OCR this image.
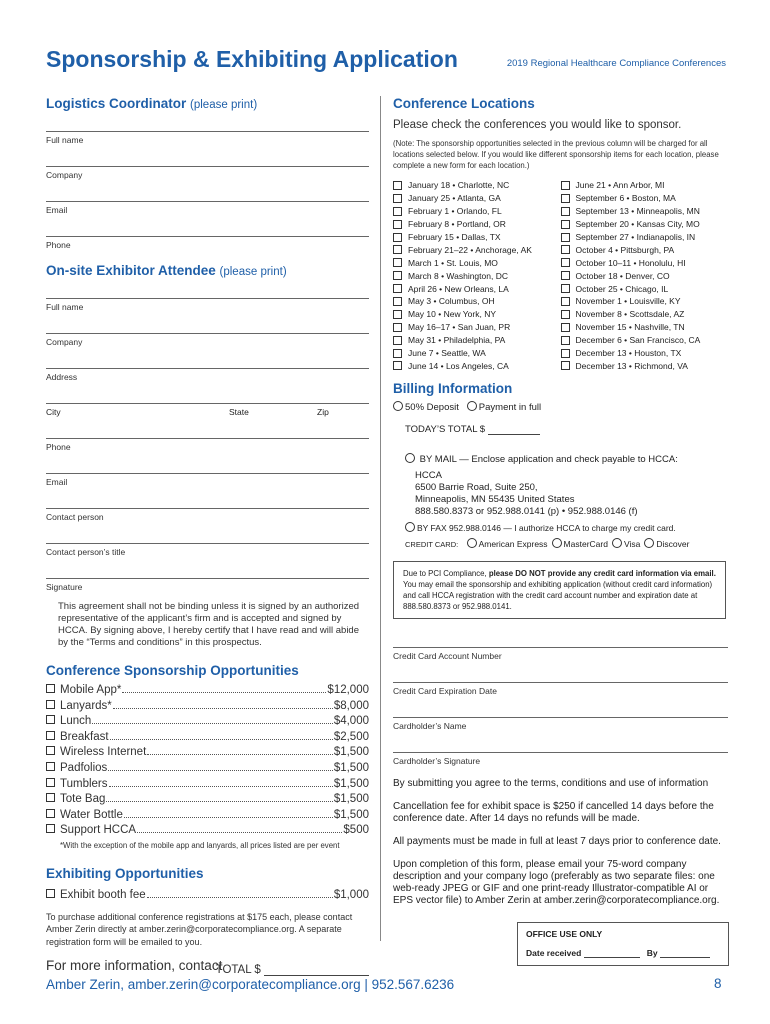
Sponsorship & Exhibiting Application	2019 Regional Healthcare Compliance Conferences
Logistics Coordinator (please print)
Full name
Company
Email
Phone
On-site Exhibitor Attendee (please print)
Full name
Company
Address
City	State	Zip
Phone
Email
Contact person
Contact person’s title
Signature
This agreement shall not be binding unless it is signed by an authorized representative of the applicant’s firm and is accepted and signed by HCCA. By signing above, I hereby certify that I have read and will abide by the “Terms and conditions” in this prospectus.
Conference Sponsorship Opportunities
Mobile App*	$12,000
Lanyards*	$8,000
Lunch	$4,000
Breakfast	$2,500
Wireless Internet	$1,500
Padfolios	$1,500
Tumblers	$1,500
Tote Bag	$1,500
Water Bottle	$1,500
Support HCCA	$500
*With the exception of the mobile app and lanyards, all prices listed are per event
Exhibiting Opportunities
Exhibit booth fee	$1,000
To purchase additional conference registrations at $175 each, please contact Amber Zerin directly at amber.zerin@corporatecompliance.org. A separate registration form will be emailed to you.
TOTAL $
Conference Locations
Please check the conferences you would like to sponsor.
(Note: The sponsorship opportunities selected in the previous column will be charged for all locations selected below. If you would like different sponsorship items for each location, please complete a new form for each location.)
January 18 • Charlotte, NC
January 25 • Atlanta, GA
February 1 • Orlando, FL
February 8 • Portland, OR
February 15 • Dallas, TX
February 21–22 • Anchorage, AK
March 1 • St. Louis, MO
March 8 • Washington, DC
April 26 • New Orleans, LA
May 3 • Columbus, OH
May 10 • New York, NY
May 16–17 • San Juan, PR
May 31 • Philadelphia, PA
June 7 • Seattle, WA
June 14 • Los Angeles, CA
June 21 • Ann Arbor, MI
September 6 • Boston, MA
September 13 • Minneapolis, MN
September 20 • Kansas City, MO
September 27 • Indianapolis, IN
October 4 • Pittsburgh, PA
October 10–11 • Honolulu, HI
October 18 • Denver, CO
October 25 • Chicago, IL
November 1 • Louisville, KY
November 8 • Scottsdale, AZ
November 15 • Nashville, TN
December 6 • San Francisco, CA
December 13 • Houston, TX
December 13 • Richmond, VA
Billing Information
50% Deposit Payment in full
TODAY’S TOTAL $
BY MAIL — Enclose application and check payable to HCCA:
HCCA
6500 Barrie Road, Suite 250,
Minneapolis, MN 55435 United States
888.580.8373 or 952.988.0141 (p) • 952.988.0146 (f)
BY FAX 952.988.0146 — I authorize HCCA to charge my credit card.
CREDIT CARD: American Express MasterCard Visa Discover
Due to PCI Compliance, please DO NOT provide any credit card information via email. You may email the sponsorship and exhibiting application (without credit card information) and call HCCA registration with the credit card account number and expiration date at 888.580.8373 or 952.988.0141.
Credit Card Account Number
Credit Card Expiration Date
Cardholder’s Name
Cardholder’s Signature
By submitting you agree to the terms, conditions and use of information
Cancellation fee for exhibit space is $250 if cancelled 14 days before the conference date. After 14 days no refunds will be made.
All payments must be made in full at least 7 days prior to conference date.
Upon completion of this form, please email your 75-word company description and your company logo (preferably as two separate files: one web-ready JPEG or GIF and one print-ready Illustrator-compatible AI or EPS vector file) to Amber Zerin at amber.zerin@corporatecompliance.org.
OFFICE USE ONLY
Date received	By
For more information, contact
Amber Zerin, amber.zerin@corporatecompliance.org | 952.567.6236	8
